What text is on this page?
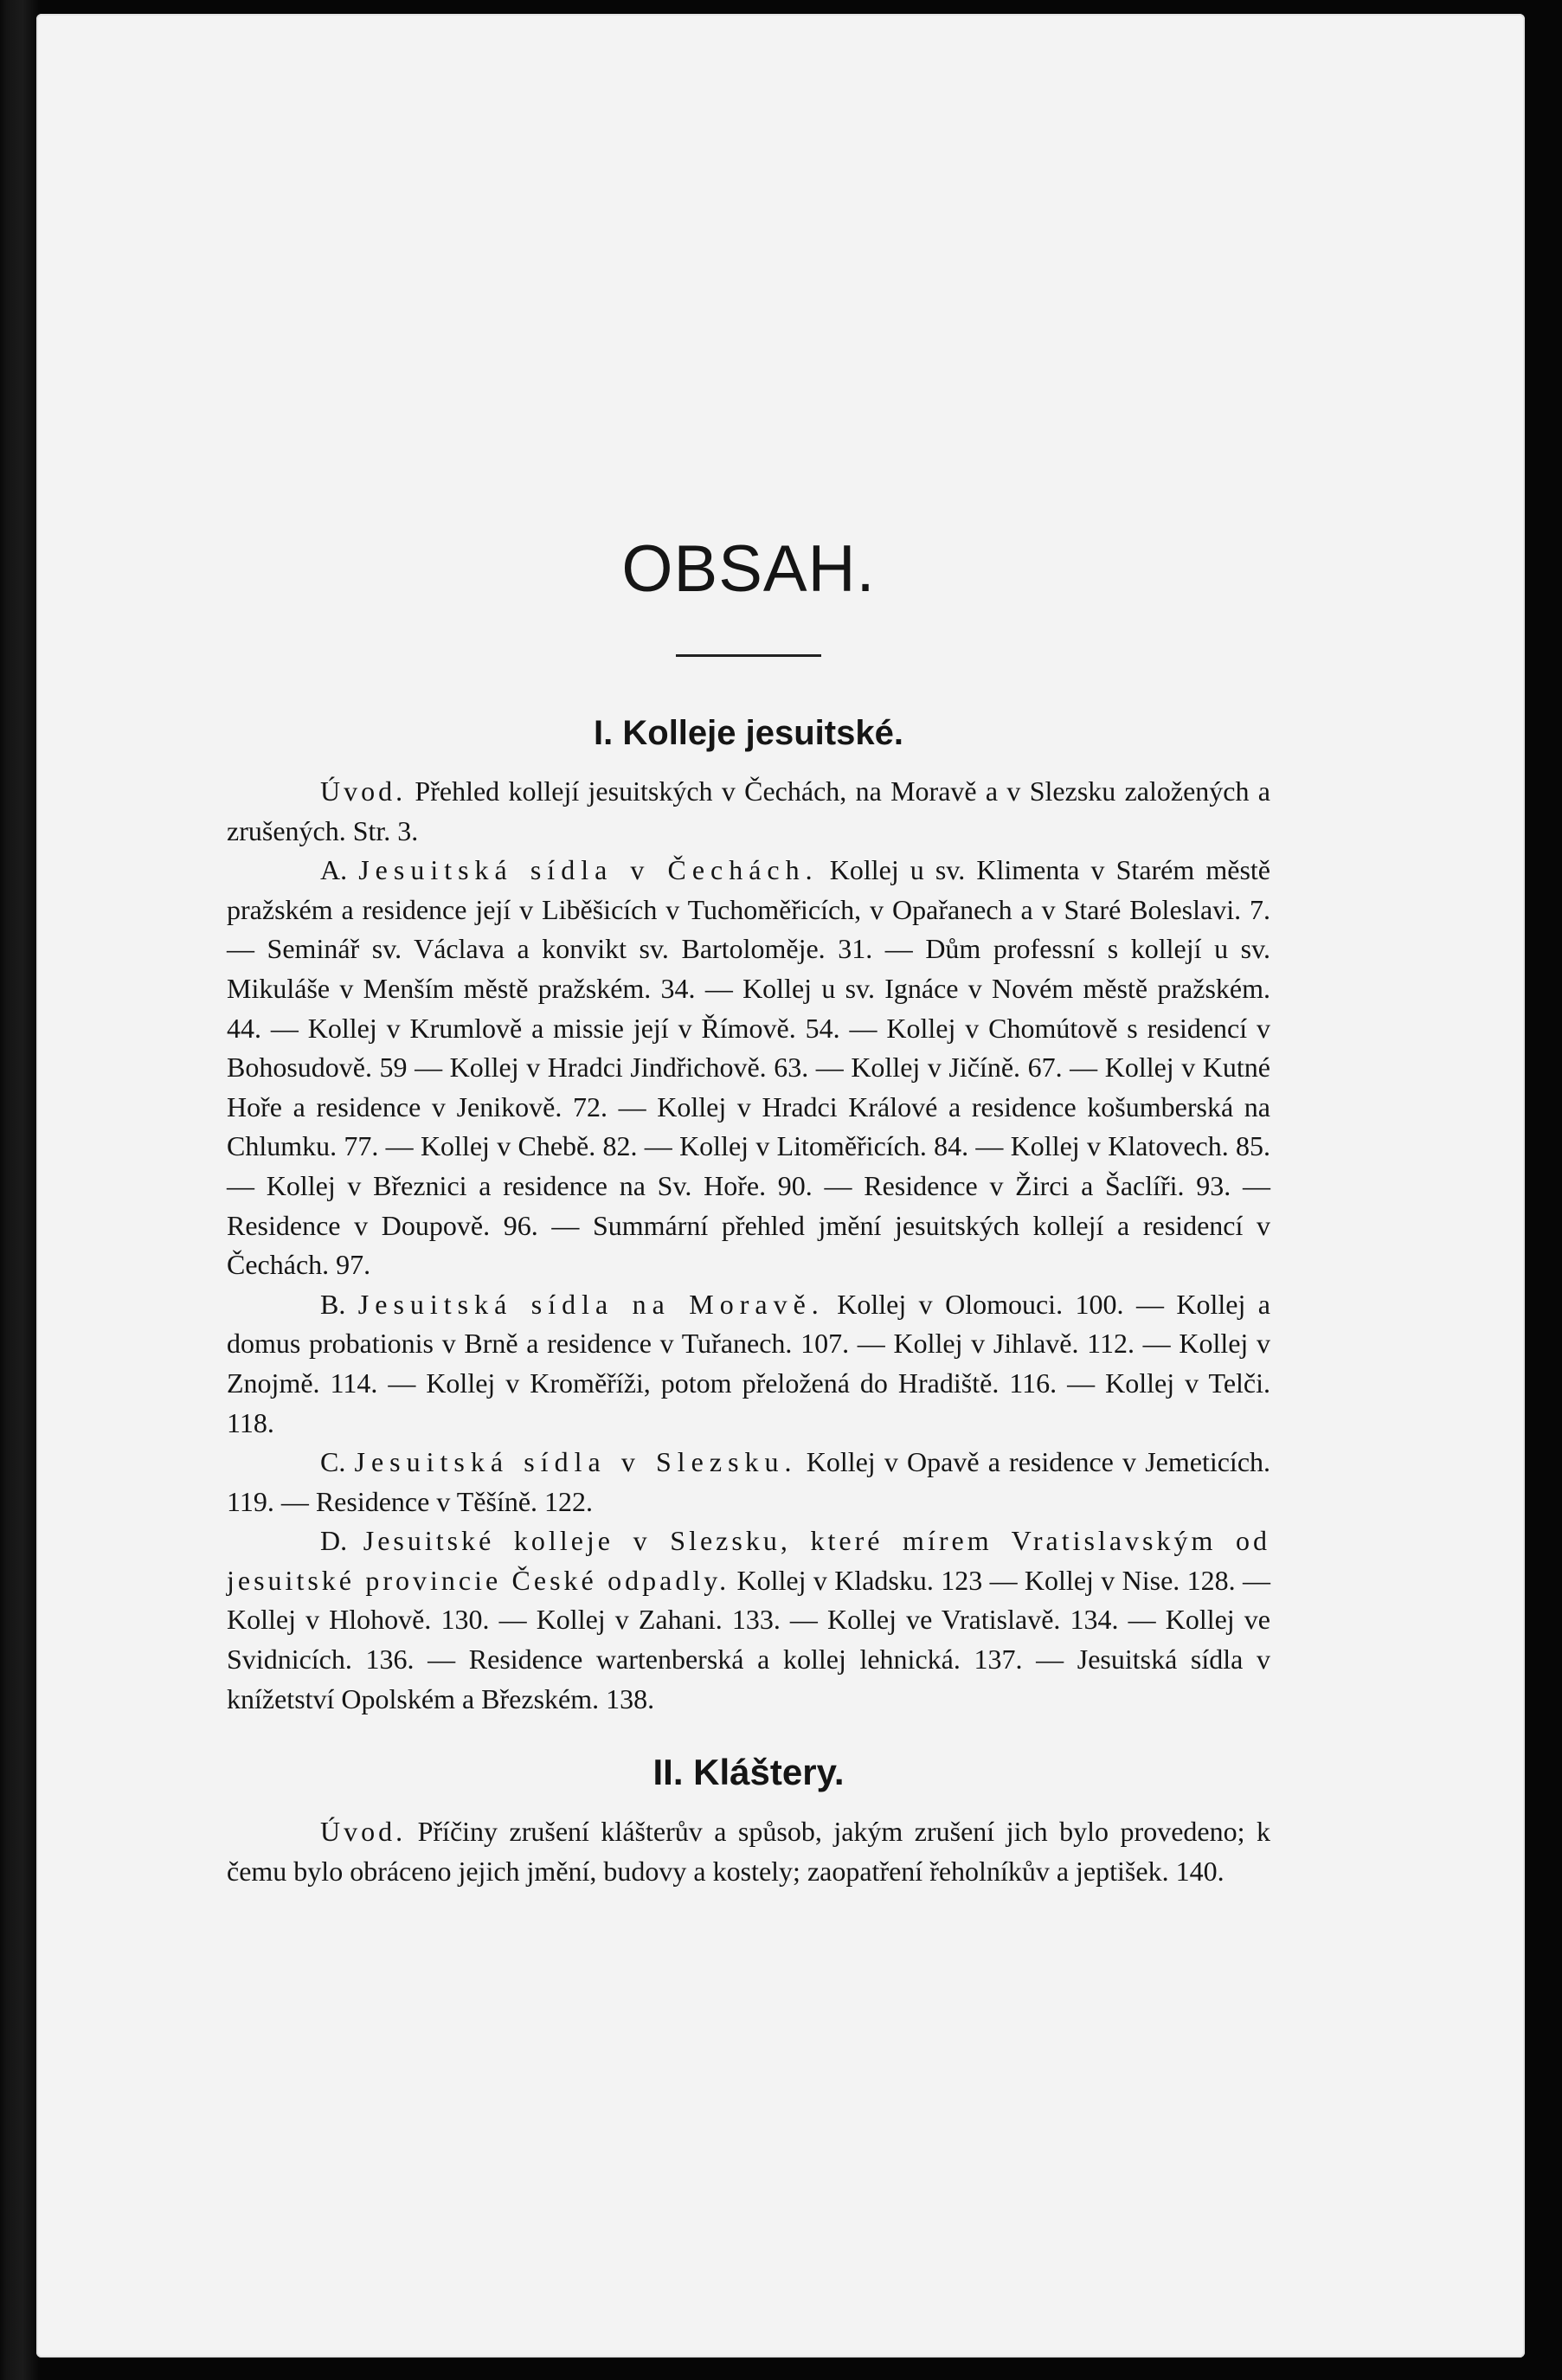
OBSAH.
I. Kolleje jesuitské.

Úvod. Přehled kollejí jesuitských v Čechách, na Moravě a v Slezsku založených a zrušených. Str. 3.

A. Jesuitská sídla v Čechách. Kollej u sv. Klimenta v Starém městě pražském a residence její v Liběšicích v Tuchoměřicích, v Opařanech a v Staré Boleslavi. 7. — Seminář sv. Václava a konvikt sv. Bartoloměje. 31. — Dům professní s kollejí u sv. Mikuláše v Menším městě pražském. 34. — Kollej u sv. Ignáce v Novém městě pražském. 44. — Kollej v Krumlově a missie její v Římově. 54. — Kollej v Chomútově s residencí v Bohosudově. 59 — Kollej v Hradci Jindřichově. 63. — Kollej v Jičíně. 67. — Kollej v Kutné Hoře a residence v Jenikově. 72. — Kollej v Hradci Králové a residence košumberská na Chlumku. 77. — Kollej v Chebě. 82. — Kollej v Litoměřicích. 84. — Kollej v Klatovech. 85. — Kollej v Březnici a residence na Sv. Hoře. 90. — Residence v Žirci a Šaclíři. 93. — Residence v Doupově. 96. — Summární přehled jmění jesuitských kollejí a residencí v Čechách. 97.

B. Jesuitská sídla na Moravě. Kollej v Olomouci. 100. — Kollej a domus probationis v Brně a residence v Tuřanech. 107. — Kollej v Jihlavě. 112. — Kollej v Znojmě. 114. — Kollej v Kroměříži, potom přeložená do Hradiště. 116. — Kollej v Telči. 118.

C. Jesuitská sídla v Slezsku. Kollej v Opavě a residence v Jemeticích. 119. — Residence v Těšíně. 122.

D. Jesuitské kolleje v Slezsku, které mírem Vratislavským od jesuitské provincie České odpadly. Kollej v Kladsku. 123 — Kollej v Nise. 128. — Kollej v Hlohově. 130. — Kollej v Zahani. 133. — Kollej ve Vratislavě. 134. — Kollej ve Svidnicích. 136. — Residence wartenberská a kollej lehnická. 137. — Jesuitská sídla v knížetství Opolském a Březském. 138.

II. Kláštery.

Úvod. Příčiny zrušení klášterův a spůsob, jakým zrušení jich bylo provedeno; k čemu bylo obráceno jejich jmění, budovy a kostely; zaopatření řeholníkův a jeptišek. 140.
